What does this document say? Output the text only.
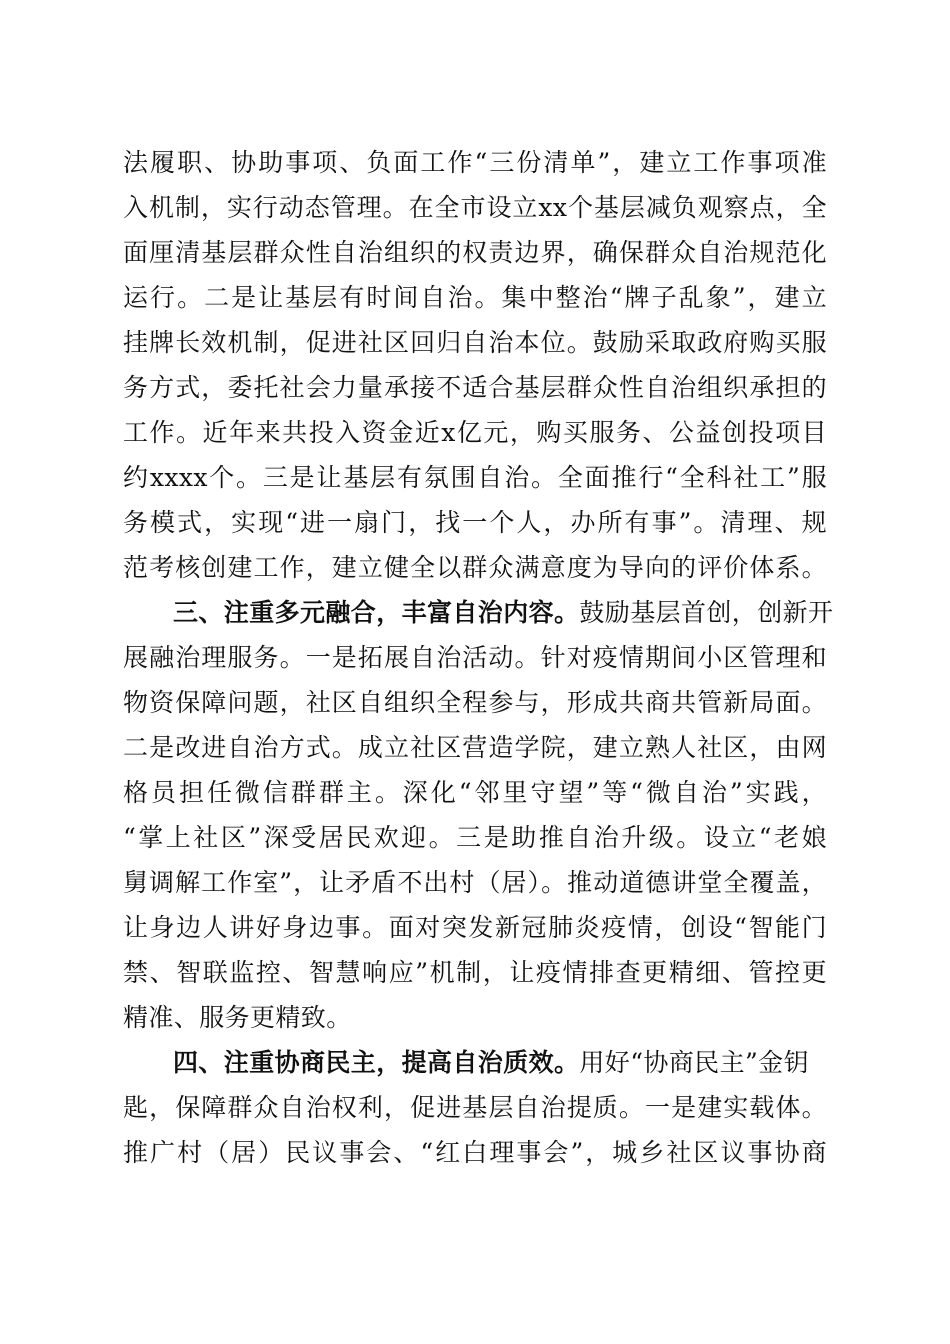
法履职、协助事项、负面工作“三份清单”，建立工作事项准
入机制，实行动态管理。在全市设立xx个基层减负观察点，全
面厘清基层群众性自治组织的权责边界，确保群众自治规范化
运行。二是让基层有时间自治。集中整治“牌子乱象”，建立
挂牌长效机制，促进社区回归自治本位。鼓励采取政府购买服
务方式，委托社会力量承接不适合基层群众性自治组织承担的
工作。近年来共投入资金近x亿元，购买服务、公益创投项目
约xxxx个。三是让基层有氛围自治。全面推行“全科社工”服
务模式，实现“进一扇门，找一个人，办所有事”。清理、规
范考核创建工作，建立健全以群众满意度为导向的评价体系。
三、注重多元融合，丰富自治内容。鼓励基层首创，创新开
展融治理服务。一是拓展自治活动。针对疫情期间小区管理和
物资保障问题，社区自组织全程参与，形成共商共管新局面。
二是改进自治方式。成立社区营造学院，建立熟人社区，由网
格员担任微信群群主。深化“邻里守望”等“微自治”实践，
“掌上社区”深受居民欢迎。三是助推自治升级。设立“老娘
舅调解工作室”，让矛盾不出村（居）。推动道德讲堂全覆盖，
让身边人讲好身边事。面对突发新冠肺炎疫情，创设“智能门
禁、智联监控、智慧响应”机制，让疫情排查更精细、管控更
精准、服务更精致。
四、注重协商民主，提高自治质效。用好“协商民主”金钥
匙，保障群众自治权利，促进基层自治提质。一是建实载体。
推广村（居）民议事会、“红白理事会”，城乡社区议事协商
